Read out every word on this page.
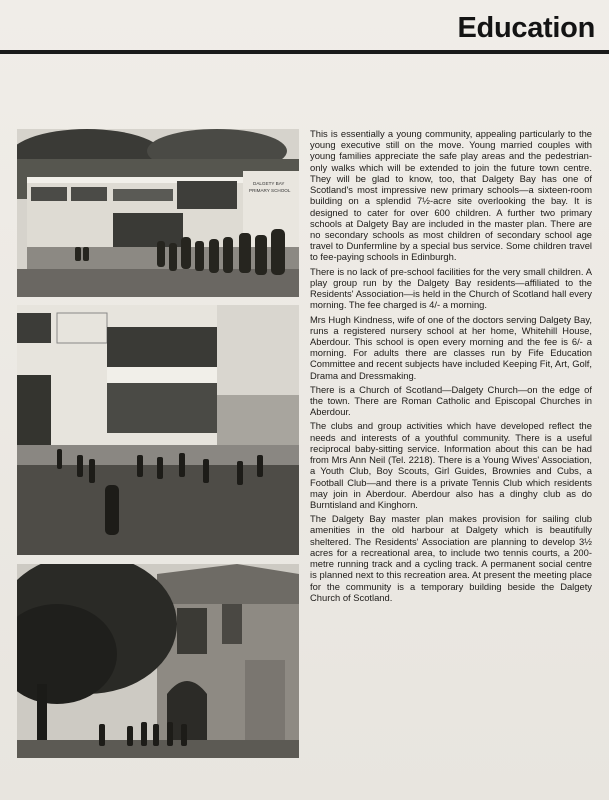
Education
DALGETY BAY
PRIMARY SCHOOL

This is essentially a young community, appealing particularly to the young executive still on the move. Young married couples with young families appreciate the safe play areas and the pedestrian-only walks which will be extended to join the future town centre. They will be glad to know, too, that Dalgety Bay has one of Scotland's most impressive new primary schools—a sixteen-room building on a splendid 7½-acre site overlooking the bay. It is designed to cater for over 600 children. A further two primary schools at Dalgety Bay are included in the master plan. There are no secondary schools as most children of secondary school age travel to Dunfermline by a special bus service. Some children travel to fee-paying schools in Edinburgh.

There is no lack of pre-school facilities for the very small children. A play group run by the Dalgety Bay residents—affiliated to the Residents' Association—is held in the Church of Scotland hall every morning. The fee charged is 4/- a morning.

Mrs Hugh Kindness, wife of one of the doctors serving Dalgety Bay, runs a registered nursery school at her home, Whitehill House, Aberdour. This school is open every morning and the fee is 6/- a morning. For adults there are classes run by Fife Education Committee and recent subjects have included Keeping Fit, Art, Golf, Drama and Dressmaking.

There is a Church of Scotland—Dalgety Church—on the edge of the town. There are Roman Catholic and Episcopal Churches in Aberdour.

The clubs and group activities which have developed reflect the needs and interests of a youthful community. There is a useful reciprocal baby-sitting service. Information about this can be had from Mrs Ann Neil (Tel. 2218). There is a Young Wives' Association, a Youth Club, Boy Scouts, Girl Guides, Brownies and Cubs, a Football Club—and there is a private Tennis Club which residents may join in Aberdour. Aberdour also has a dinghy club as do Burntisland and Kinghorn.

The Dalgety Bay master plan makes provision for sailing club amenities in the old harbour at Dalgety which is beautifully sheltered. The Residents' Association are planning to develop 3½ acres for a recreational area, to include two tennis courts, a 200-metre running track and a cycling track. A permanent social centre is planned next to this recreation area. At present the meeting place for the community is a temporary building beside the Dalgety Church of Scotland.
